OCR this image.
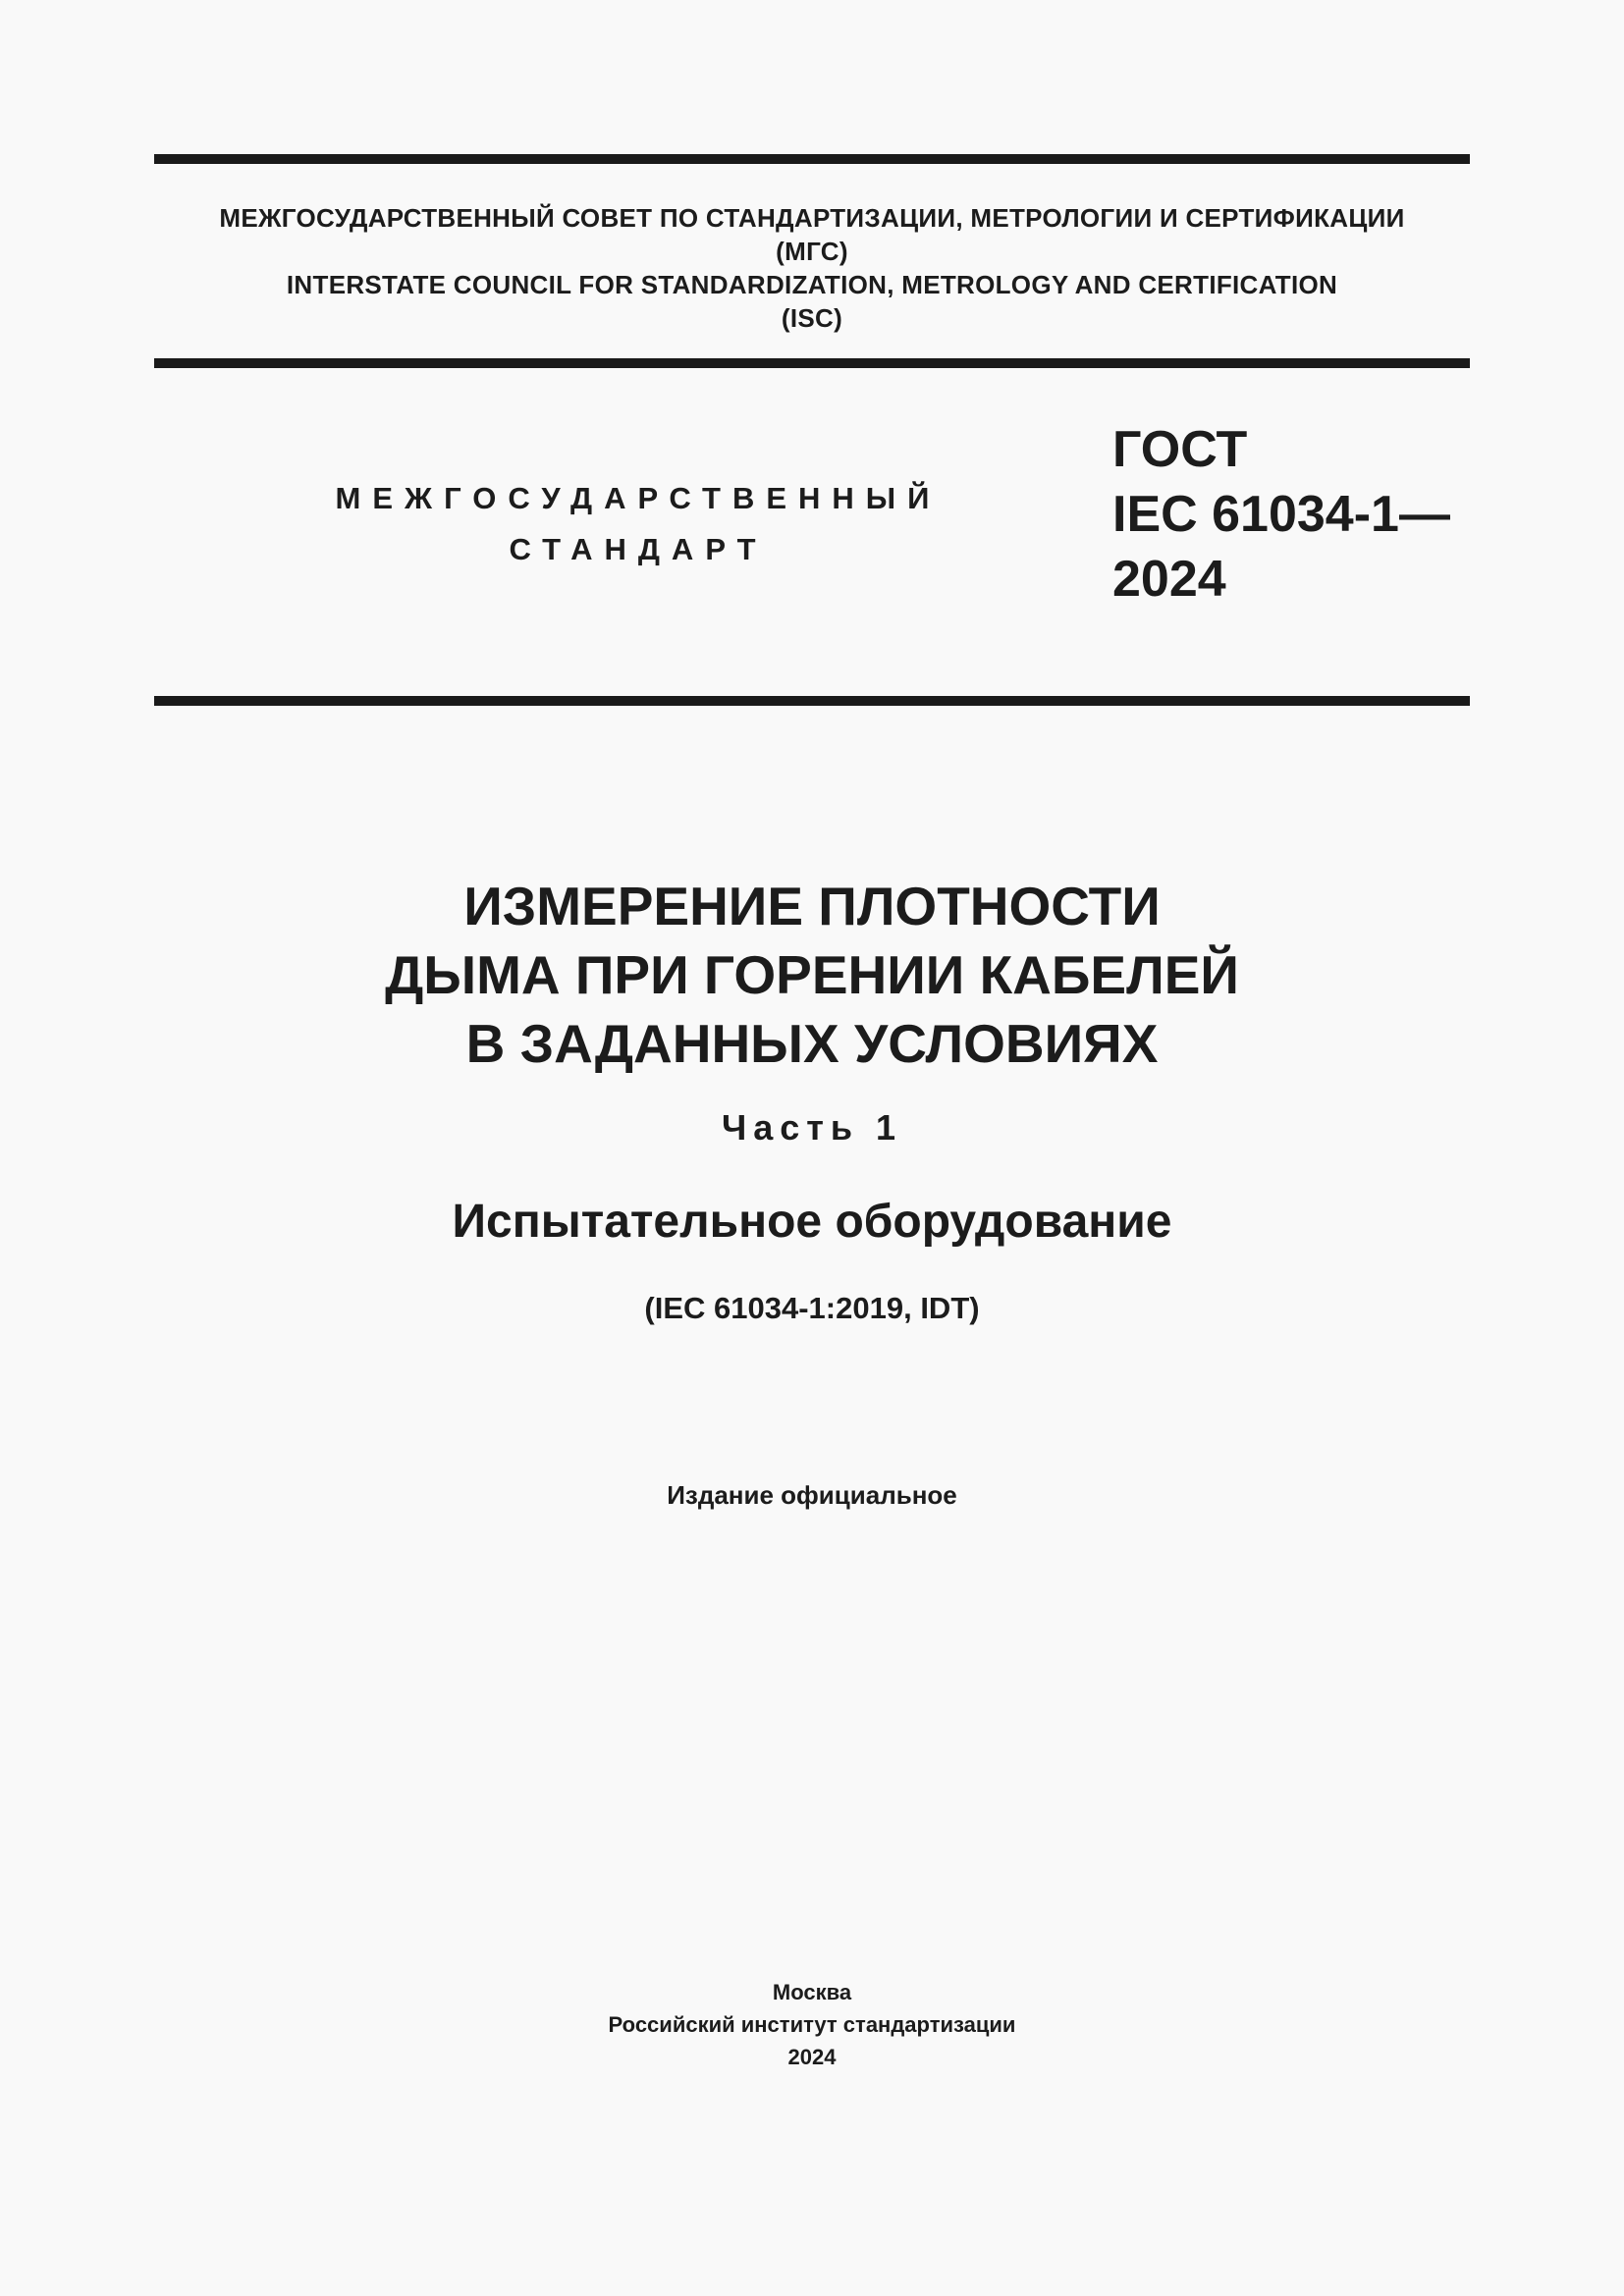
МЕЖГОСУДАРСТВЕННЫЙ СОВЕТ ПО СТАНДАРТИЗАЦИИ, МЕТРОЛОГИИ И СЕРТИФИКАЦИИ
(МГС)
INTERSTATE COUNCIL FOR STANDARDIZATION, METROLOGY AND CERTIFICATION
(ISC)
МЕЖГОСУДАРСТВЕННЫЙ
СТАНДАРТ
ГОСТ
IEC 61034-1—
2024
ИЗМЕРЕНИЕ ПЛОТНОСТИ
ДЫМА ПРИ ГОРЕНИИ КАБЕЛЕЙ
В ЗАДАННЫХ УСЛОВИЯХ
Часть 1
Испытательное оборудование
(IEC 61034-1:2019, IDT)
Издание официальное
Москва
Российский институт стандартизации
2024
